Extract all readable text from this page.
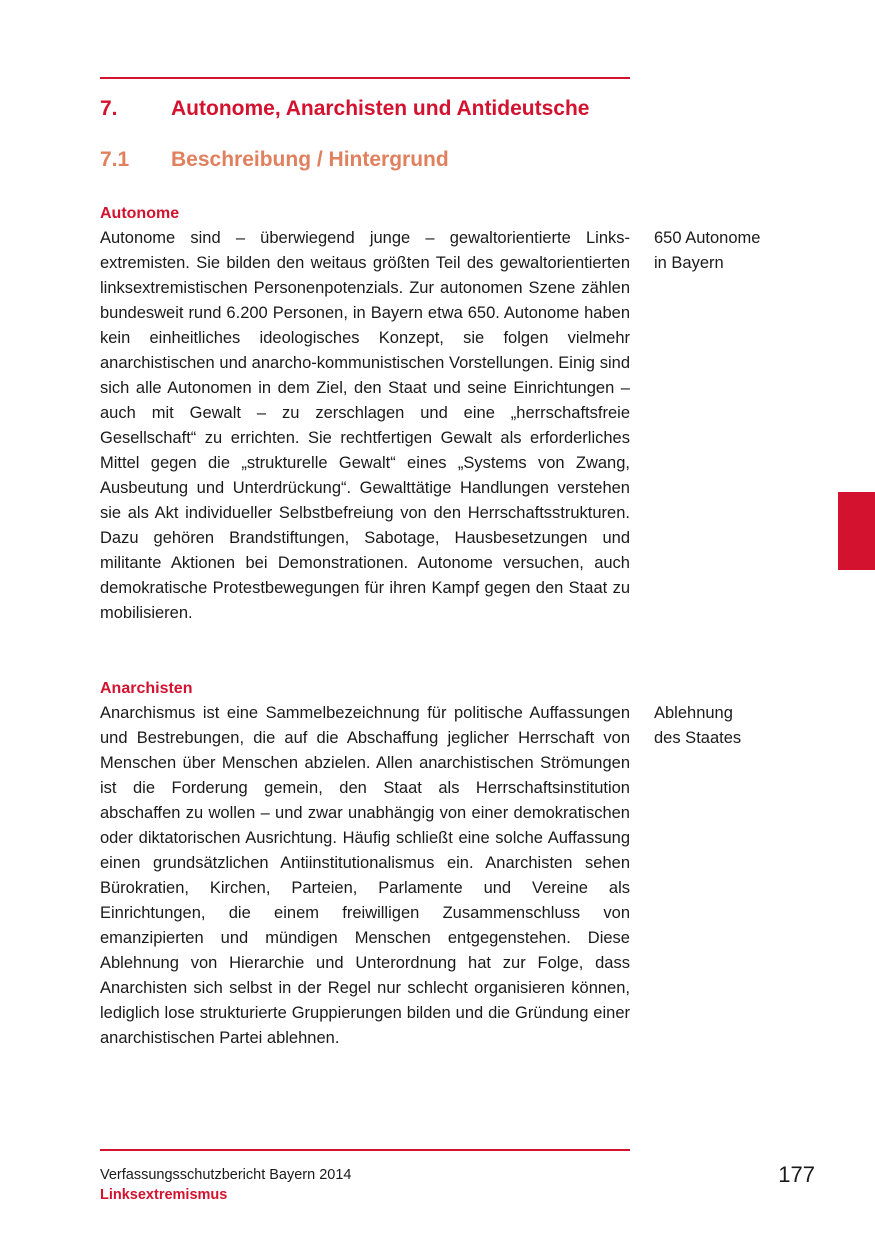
7.	Autonome, Anarchisten und Antideutsche
7.1 Beschreibung / Hintergrund
Autonome

Autonome sind – überwiegend junge – gewaltorientierte Linksextremisten. Sie bilden den weitaus größten Teil des gewaltorientierten linksextremistischen Personenpotenzials. Zur autonomen Szene zählen bundesweit rund 6.200 Personen, in Bayern etwa 650. Autonome haben kein einheitliches ideologisches Konzept, sie folgen vielmehr anarchistischen und anarcho-kommunistischen Vorstellungen. Einig sind sich alle Autonomen in dem Ziel, den Staat und seine Einrichtungen – auch mit Gewalt – zu zerschlagen und eine „herrschaftsfreie Gesellschaft“ zu errichten. Sie rechtfertigen Gewalt als erforderliches Mittel gegen die „strukturelle Gewalt“ eines „Systems von Zwang, Ausbeutung und Unterdrückung“. Gewalttätige Handlungen verstehen sie als Akt individueller Selbstbefreiung von den Herrschaftsstrukturen. Dazu gehören Brandstiftungen, Sabotage, Hausbesetzungen und militante Aktionen bei Demonstrationen. Autonome versuchen, auch demokratische Protestbewegungen für ihren Kampf gegen den Staat zu mobilisieren.

650 Autonome
in Bayern
Anarchisten

Anarchismus ist eine Sammelbezeichnung für politische Auffassungen und Bestrebungen, die auf die Abschaffung jeglicher Herrschaft von Menschen über Menschen abzielen. Allen anarchistischen Strömungen ist die Forderung gemein, den Staat als Herrschaftsinstitution abschaffen zu wollen – und zwar unabhängig von einer demokratischen oder diktatorischen Ausrichtung. Häufig schließt eine solche Auffassung einen grundsätzlichen Antiinstitutionalismus ein. Anarchisten sehen Bürokratien, Kirchen, Parteien, Parlamente und Vereine als Einrichtungen, die einem freiwilligen Zusammenschluss von emanzipierten und mündigen Menschen entgegenstehen. Diese Ablehnung von Hierarchie und Unterordnung hat zur Folge, dass Anarchisten sich selbst in der Regel nur schlecht organisieren können, lediglich lose strukturierte Gruppierungen bilden und die Gründung einer anarchistischen Partei ablehnen.

Ablehnung
des Staates
Verfassungsschutzbericht Bayern 2014
Linksextremismus
177
